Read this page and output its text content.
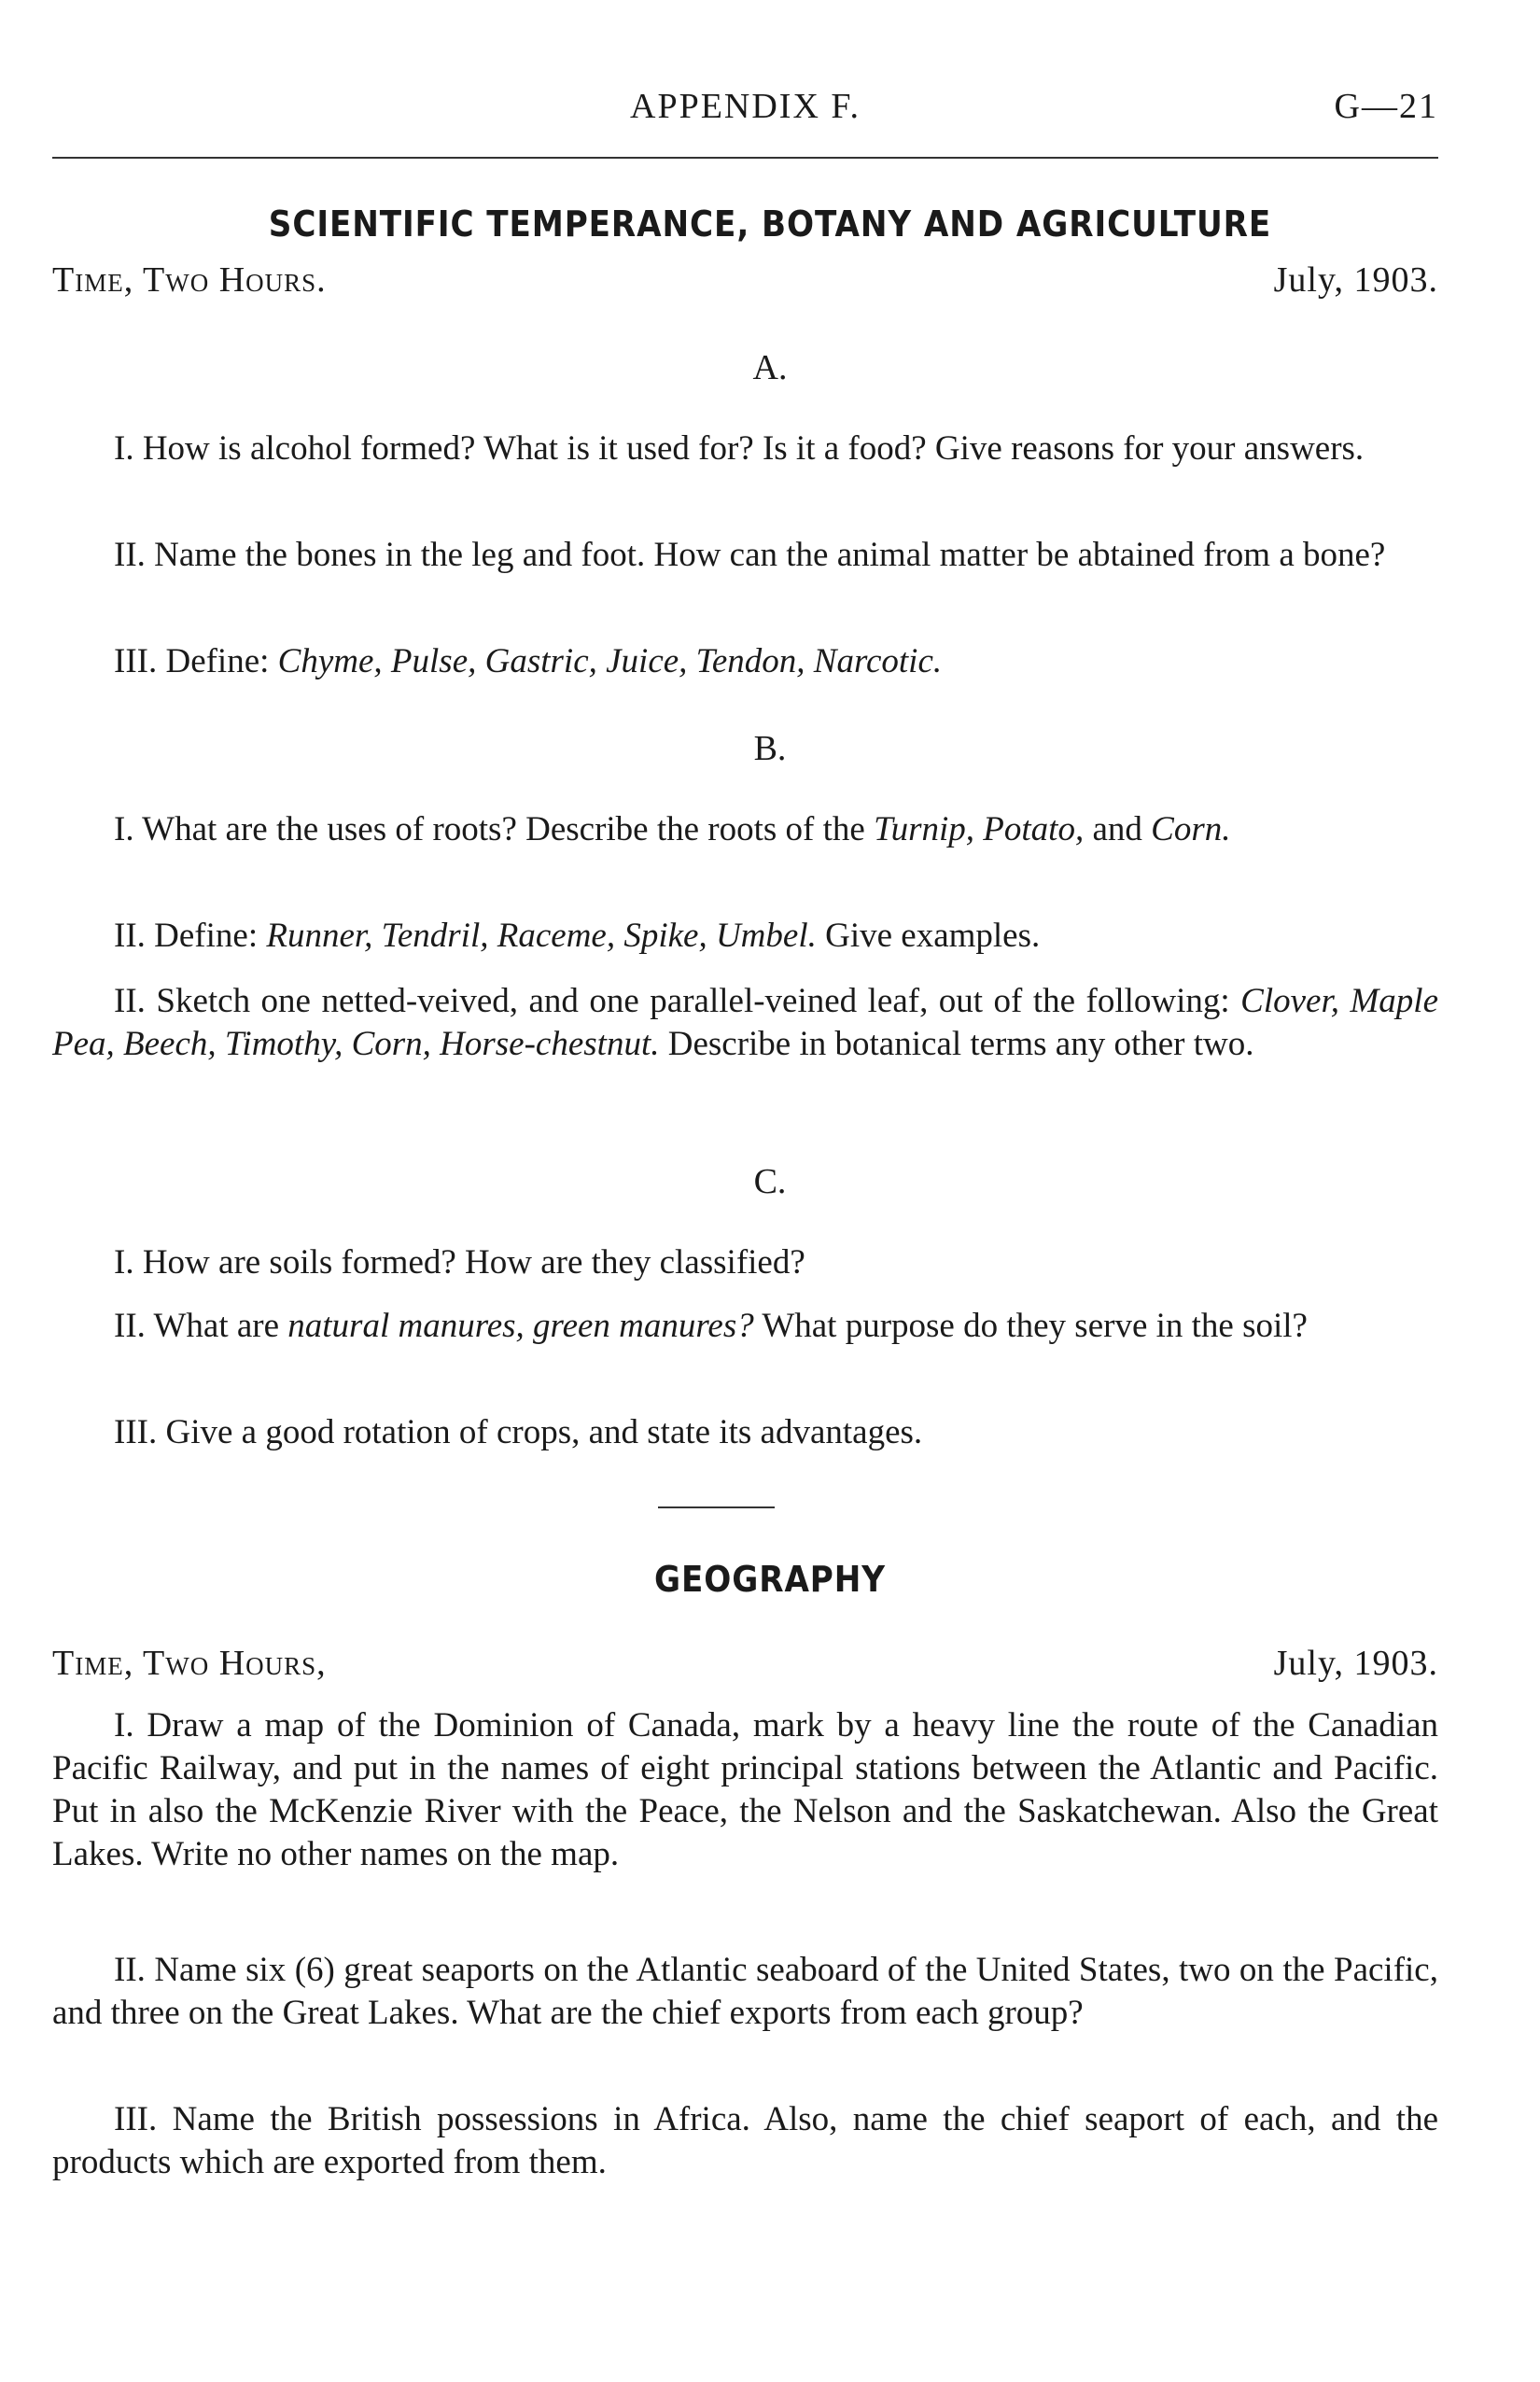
APPENDIX F.	G—21
SCIENTIFIC TEMPERANCE, BOTANY AND AGRICULTURE
Time, Two Hours.	July, 1903.
A.

I. How is alcohol formed? What is it used for? Is it a food? Give reasons for your answers.

II. Name the bones in the leg and foot. How can the animal matter be abtained from a bone?

III. Define: Chyme, Pulse, Gastric, Juice, Tendon, Narcotic.

B.

I. What are the uses of roots? Describe the roots of the Turnip, Potato, and Corn.

II. Define: Runner, Tendril, Raceme, Spike, Umbel. Give examples.

II. Sketch one netted-veived, and one parallel-veined leaf, out of the following: Clover, Maple Pea, Beech, Timothy, Corn, Horse-chestnut. Describe in botanical terms any other two.

C.

I. How are soils formed? How are they classified?

II. What are natural manures, green manures? What purpose do they serve in the soil?

III. Give a good rotation of crops, and state its advantages.

GEOGRAPHY
Time, Two Hours,	July, 1903.

I. Draw a map of the Dominion of Canada, mark by a heavy line the route of the Canadian Pacific Railway, and put in the names of eight principal stations between the Atlantic and Pacific. Put in also the McKenzie River with the Peace, the Nelson and the Saskatchewan. Also the Great Lakes. Write no other names on the map.

II. Name six (6) great seaports on the Atlantic seaboard of the United States, two on the Pacific, and three on the Great Lakes. What are the chief exports from each group?

III. Name the British possessions in Africa. Also, name the chief seaport of each, and the products which are exported from them.
